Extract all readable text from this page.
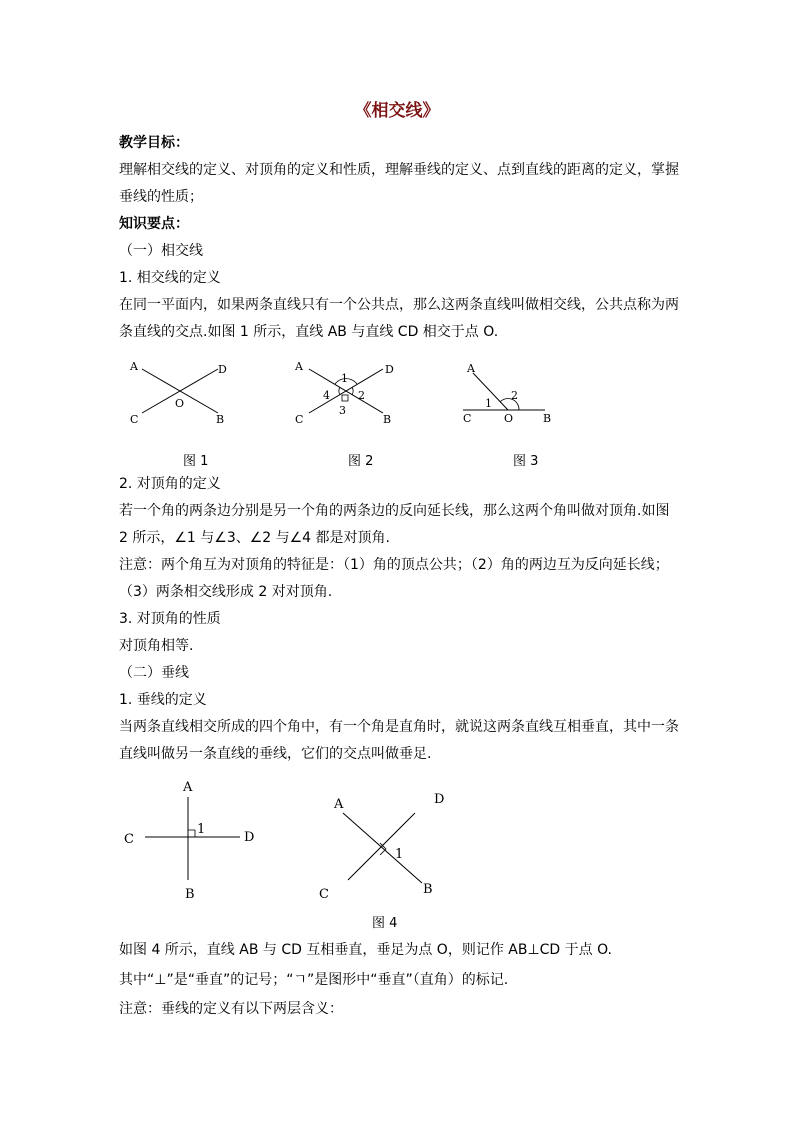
《相交线》
教学目标：
理解相交线的定义、对顶角的定义和性质，理解垂线的定义、点到直线的距离的定义，掌握
垂线的性质；
知识要点：
（一）相交线
1. 相交线的定义
在同一平面内，如果两条直线只有一个公共点，那么这两条直线叫做相交线，公共点称为两
条直线的交点.如图 1 所示，直线 AB 与直线 CD 相交于点 O.
A	D
C	B
O
图 1
A	D
C	B
1
2
3
4
图 2
A
C	O	B
1
2
图 3
2. 对顶角的定义
若一个角的两条边分别是另一个角的两条边的反向延长线，那么这两个角叫做对顶角.如图
2 所示，∠1 与∠3、∠2 与∠4 都是对顶角.
注意：两个角互为对顶角的特征是：（1）角的顶点公共；（2）角的两边互为反向延长线；
（3）两条相交线形成 2 对对顶角.
3. 对顶角的性质
对顶角相等.
（二）垂线
1. 垂线的定义
当两条直线相交所成的四个角中，有一个角是直角时，就说这两条直线互相垂直，其中一条
直线叫做另一条直线的垂线，它们的交点叫做垂足.
A
B
C	D
1
A	D
C	B
1
图 4
如图 4 所示，直线 AB 与 CD 互相垂直，垂足为点 O，则记作 AB⊥CD 于点 O.
其中“⊥”是“垂直”的记号；“ㄱ”是图形中“垂直”（直角）的标记.
注意：垂线的定义有以下两层含义：
